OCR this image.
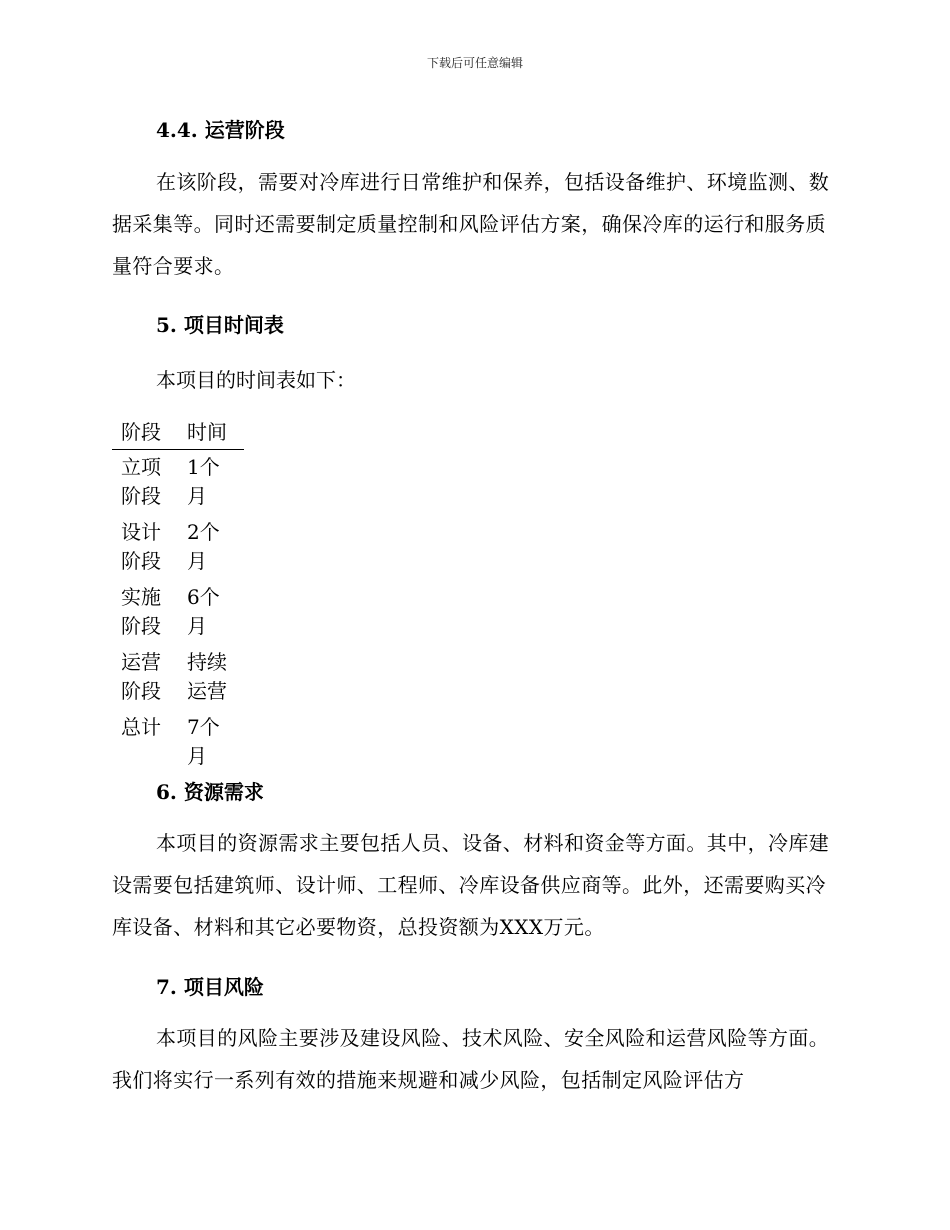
下载后可任意编辑
4.4. 运营阶段

在该阶段，需要对冷库进行日常维护和保养，包括设备维护、环境监测、数据采集等。同时还需要制定质量控制和风险评估方案，确保冷库的运行和服务质量符合要求。

5. 项目时间表
本项目的时间表如下：
阶段	时间

立项阶段	1个月

设计阶段	2个月

实施阶段	6个月

运营阶段	持续运营

总计	7个月
6. 资源需求

本项目的资源需求主要包括人员、设备、材料和资金等方面。其中，冷库建设需要包括建筑师、设计师、工程师、冷库设备供应商等。此外，还需要购买冷库设备、材料和其它必要物资，总投资额为XXX万元。

7. 项目风险

本项目的风险主要涉及建设风险、技术风险、安全风险和运营风险等方面。我们将实行一系列有效的措施来规避和减少风险，包括制定风险评估方
